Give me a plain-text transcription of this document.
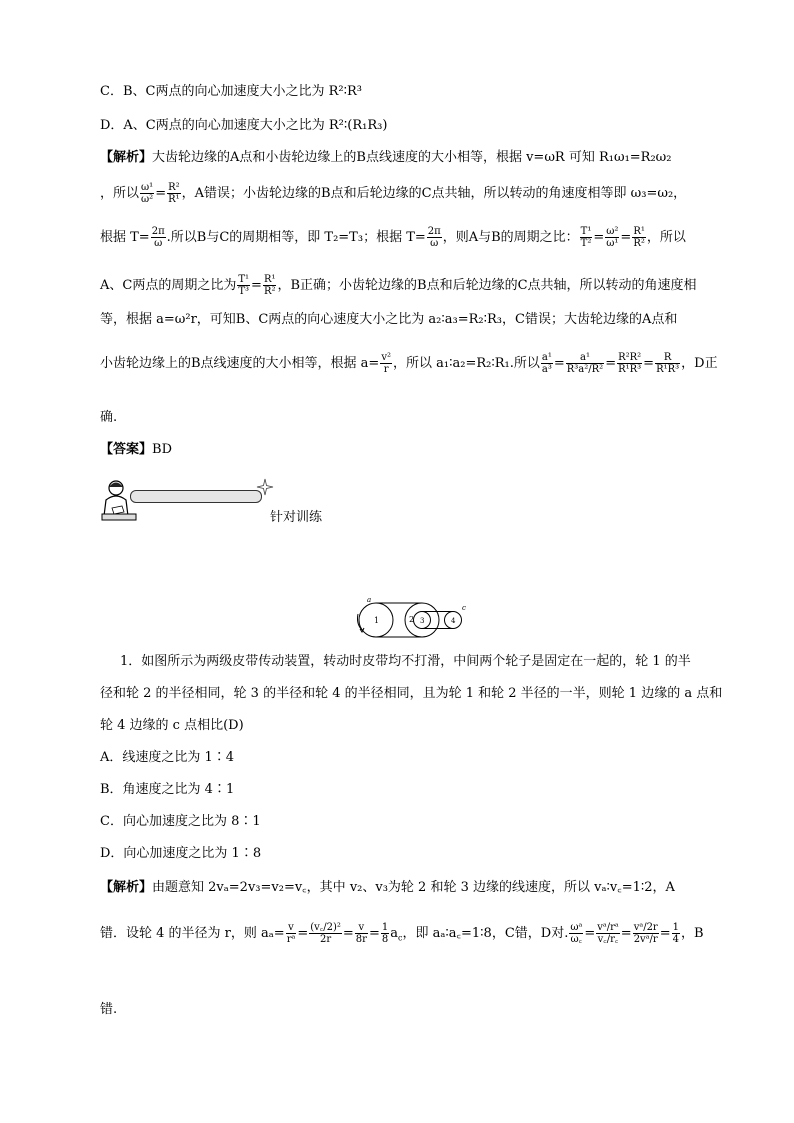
C．B、C两点的向心加速度大小之比为 R²∶R³
D．A、C两点的向心加速度大小之比为 R²∶(R₁R₃)
【解析】大齿轮边缘的A点和小齿轮边缘上的B点线速度的大小相等，根据 v=ωR 可知 R₁ω₁=R₂ω₂
，所以 $\frac{\text{ω¹}}{\text{ω²}} = \frac{\text{R²}}{\text{R¹}}$ ，A错误；小齿轮边缘的B点和后轮边缘的C点共轴，所以转动的角速度相等即 ω₃=ω₂，
根据 $T= \frac{2\pi}{\omega}$ .所以B与C的周期相等，即 T₂=T₃；根据 $T= \frac{2\pi}{\omega}$ ，则A与B的周期之比： $\frac{\text{T¹}}{\text{T²}} = \frac{\text{ω²}}{\text{ω¹}} = \frac{\text{R¹}}{\text{R²}}$ ，所以
A、C两点的周期之比为 $\frac{\text{T¹}}{\text{T³}} = \frac{\text{R¹}}{\text{R²}}$ ，B正确；小齿轮边缘的B点和后轮边缘的C点共轴，所以转动的角速度相
等，根据 a=ω²r，可知B、C两点的向心速度大小之比为 a₂∶a₃=R₂∶R₃，C错误；大齿轮边缘的A点和
小齿轮边缘上的B点线速度的大小相等，根据 $a= \frac{\text{v²}}{r}$ ，所以 a₁∶a₂=R₂∶R₁.所以 $\frac{\text{a¹}}{\text{a³}} = \frac{\text{a¹}}{\text{R³a²/R²}} = \frac{\text{R²R²}}{\text{R¹R³}} = \frac{R}{\text{R¹R³}}$ ，D正
确.
【答案】BD
针对训练
a
1	2 3	4
c
1．如图所示为两级皮带传动装置，转动时皮带均不打滑，中间两个轮子是固定在一起的，轮 1 的半
径和轮 2 的半径相同，轮 3 的半径和轮 4 的半径相同，且为轮 1 和轮 2 半径的一半，则轮 1 边缘的 a 点和
轮 4 边缘的 c 点相比(D)
A．线速度之比为 1∶4
B．角速度之比为 4∶1
C．向心加速度之比为 8∶1
D．向心加速度之比为 1∶8
【解析】由题意知 2vₐ=2v₃=v₂=v꜀，其中 v₂、v₃为轮 2 和轮 3 边缘的线速度，所以 vₐ∶v꜀=1∶2，A
错．设轮 4 的半径为 r，则 $a_a= \frac{v}{\text{rᵃ}} = \frac{\text{(v꜀/2)²}}{2r} = \frac{v}{8r} = \frac{1}{8} a_c$，即 aₐ∶a꜀=1∶8，C错，D对. $\frac{\text{ωᵃ}}{\omega꜀} = \frac{\text{vᵃ/rᵃ}}{v꜀/r꜀} = \frac{\text{vᵃ/2r}}{\text{2vᵃ/r}} = \frac{1}{4}$ ，B
错.
